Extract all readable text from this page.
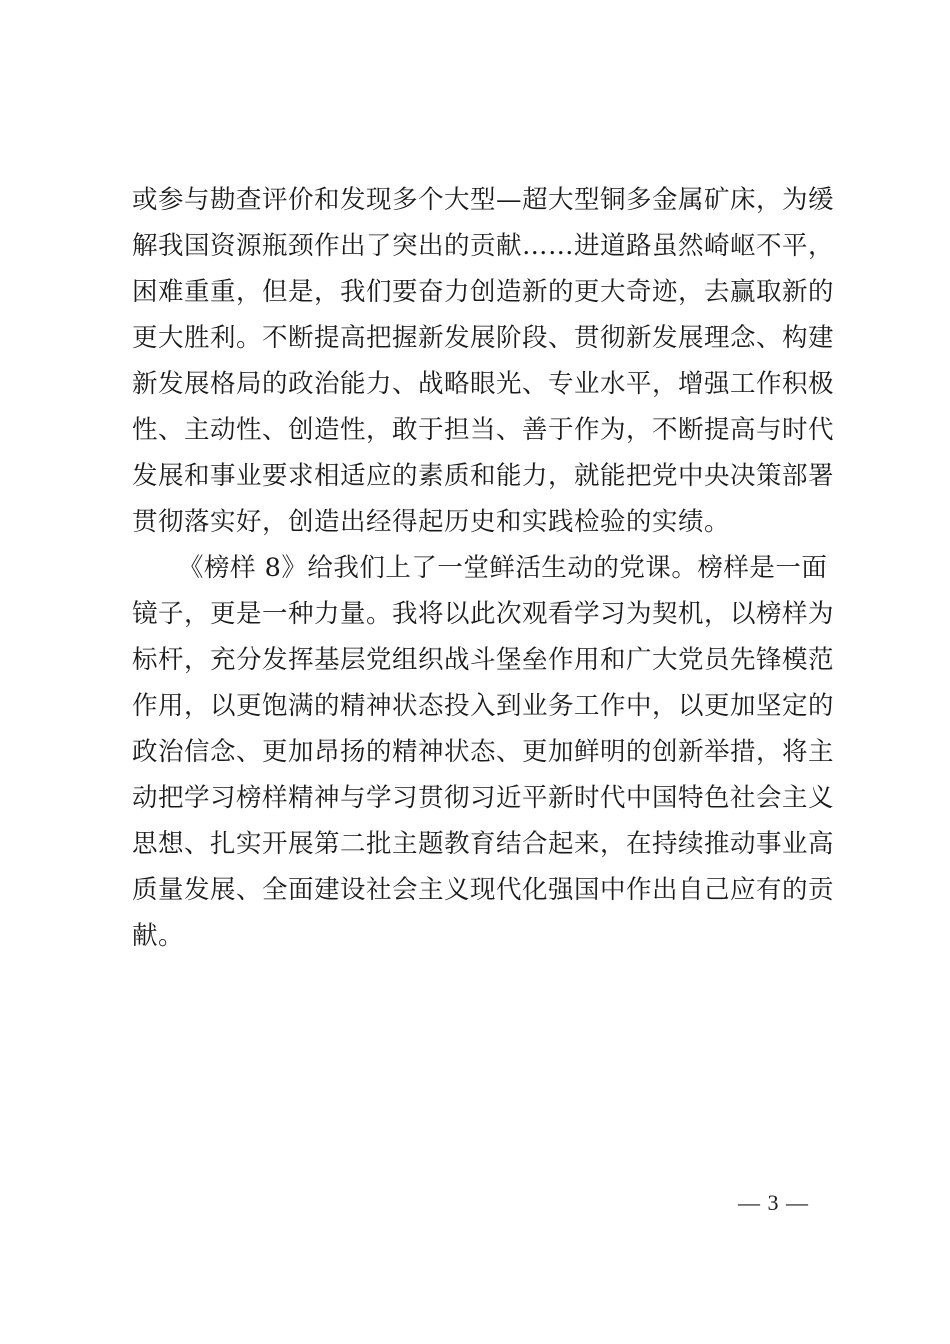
或参与勘查评价和发现多个大型—超大型铜多金属矿床，为缓
解我国资源瓶颈作出了突出的贡献……进道路虽然崎岖不平，
困难重重，但是，我们要奋力创造新的更大奇迹，去赢取新的
更大胜利。不断提高把握新发展阶段、贯彻新发展理念、构建
新发展格局的政治能力、战略眼光、专业水平，增强工作积极
性、主动性、创造性，敢于担当、善于作为，不断提高与时代
发展和事业要求相适应的素质和能力，就能把党中央决策部署
贯彻落实好，创造出经得起历史和实践检验的实绩。
《榜样 8》给我们上了一堂鲜活生动的党课。榜样是一面
镜子，更是一种力量。我将以此次观看学习为契机，以榜样为
标杆，充分发挥基层党组织战斗堡垒作用和广大党员先锋模范
作用，以更饱满的精神状态投入到业务工作中，以更加坚定的
政治信念、更加昂扬的精神状态、更加鲜明的创新举措，将主
动把学习榜样精神与学习贯彻习近平新时代中国特色社会主义
思想、扎实开展第二批主题教育结合起来，在持续推动事业高
质量发展、全面建设社会主义现代化强国中作出自己应有的贡
献。
— 3 —
